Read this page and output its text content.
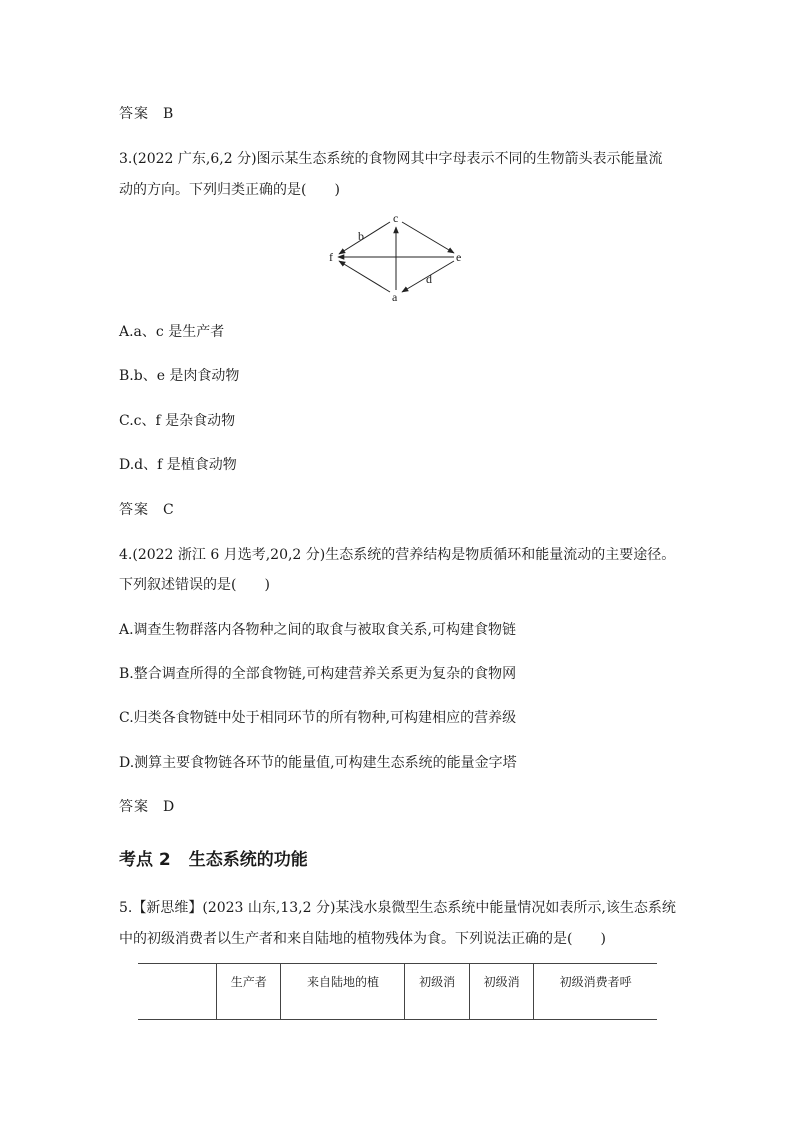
答案 B
3.(2022 广东,6,2 分)图示某生态系统的食物网其中字母表示不同的生物箭头表示能量流
动的方向。下列归类正确的是(　　)
c
f	e
a
b
d
A.a、c 是生产者
B.b、e 是肉食动物
C.c、f 是杂食动物
D.d、f 是植食动物
答案 C
4.(2022 浙江 6 月选考,20,2 分)生态系统的营养结构是物质循环和能量流动的主要途径。
下列叙述错误的是(　　)
A.调查生物群落内各物种之间的取食与被取食关系,可构建食物链
B.整合调查所得的全部食物链,可构建营养关系更为复杂的食物网
C.归类各食物链中处于相同环节的所有物种,可构建相应的营养级
D.测算主要食物链各环节的能量值,可构建生态系统的能量金字塔
答案 D
考点 2 生态系统的功能
5.【新思维】(2023 山东,13,2 分)某浅水泉微型生态系统中能量情况如表所示,该生态系统
中的初级消费者以生产者和来自陆地的植物残体为食。下列说法正确的是(　　)
	生产者	来自陆地的植	初级消	初级消	初级消费者呼
